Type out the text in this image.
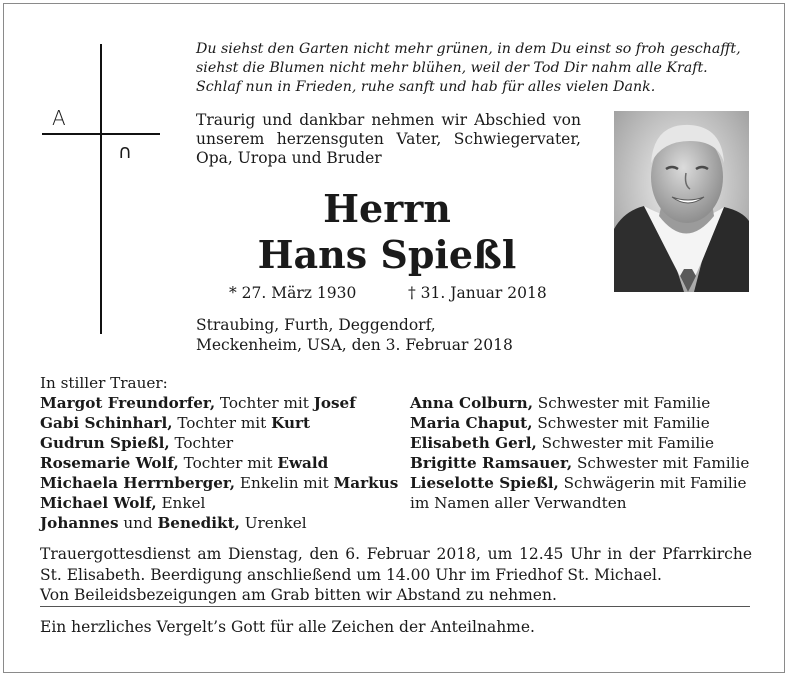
A
∩
Du siehst den Garten nicht mehr grünen, in dem Du einst so froh geschafft,
siehst die Blumen nicht mehr blühen, weil der Tod Dir nahm alle Kraft.
Schlaf nun in Frieden, ruhe sanft und hab für alles vielen Dank.
Traurig und dankbar nehmen wir Abschied von
unserem herzensguten Vater, Schwiegervater,
Opa, Uropa und Bruder
Herrn
Hans Spießl
* 27. März 1930	† 31. Januar 2018
Straubing, Furth, Deggendorf,
Meckenheim, USA, den 3. Februar 2018
In stiller Trauer:
Margot Freundorfer, Tochter mit Josef
Gabi Schinharl, Tochter mit Kurt
Gudrun Spießl, Tochter
Rosemarie Wolf, Tochter mit Ewald
Michaela Herrnberger, Enkelin mit Markus
Michael Wolf, Enkel
Johannes und Benedikt, Urenkel
Anna Colburn, Schwester mit Familie
Maria Chaput, Schwester mit Familie
Elisabeth Gerl, Schwester mit Familie
Brigitte Ramsauer, Schwester mit Familie
Lieselotte Spießl, Schwägerin mit Familie
im Namen aller Verwandten
Trauergottesdienst am Dienstag, den 6. Februar 2018, um 12.45 Uhr in der Pfarrkirche
St. Elisabeth. Beerdigung anschließend um 14.00 Uhr im Friedhof St. Michael.
Von Beileidsbezeigungen am Grab bitten wir Abstand zu nehmen.
Ein herzliches Vergelt’s Gott für alle Zeichen der Anteilnahme.
